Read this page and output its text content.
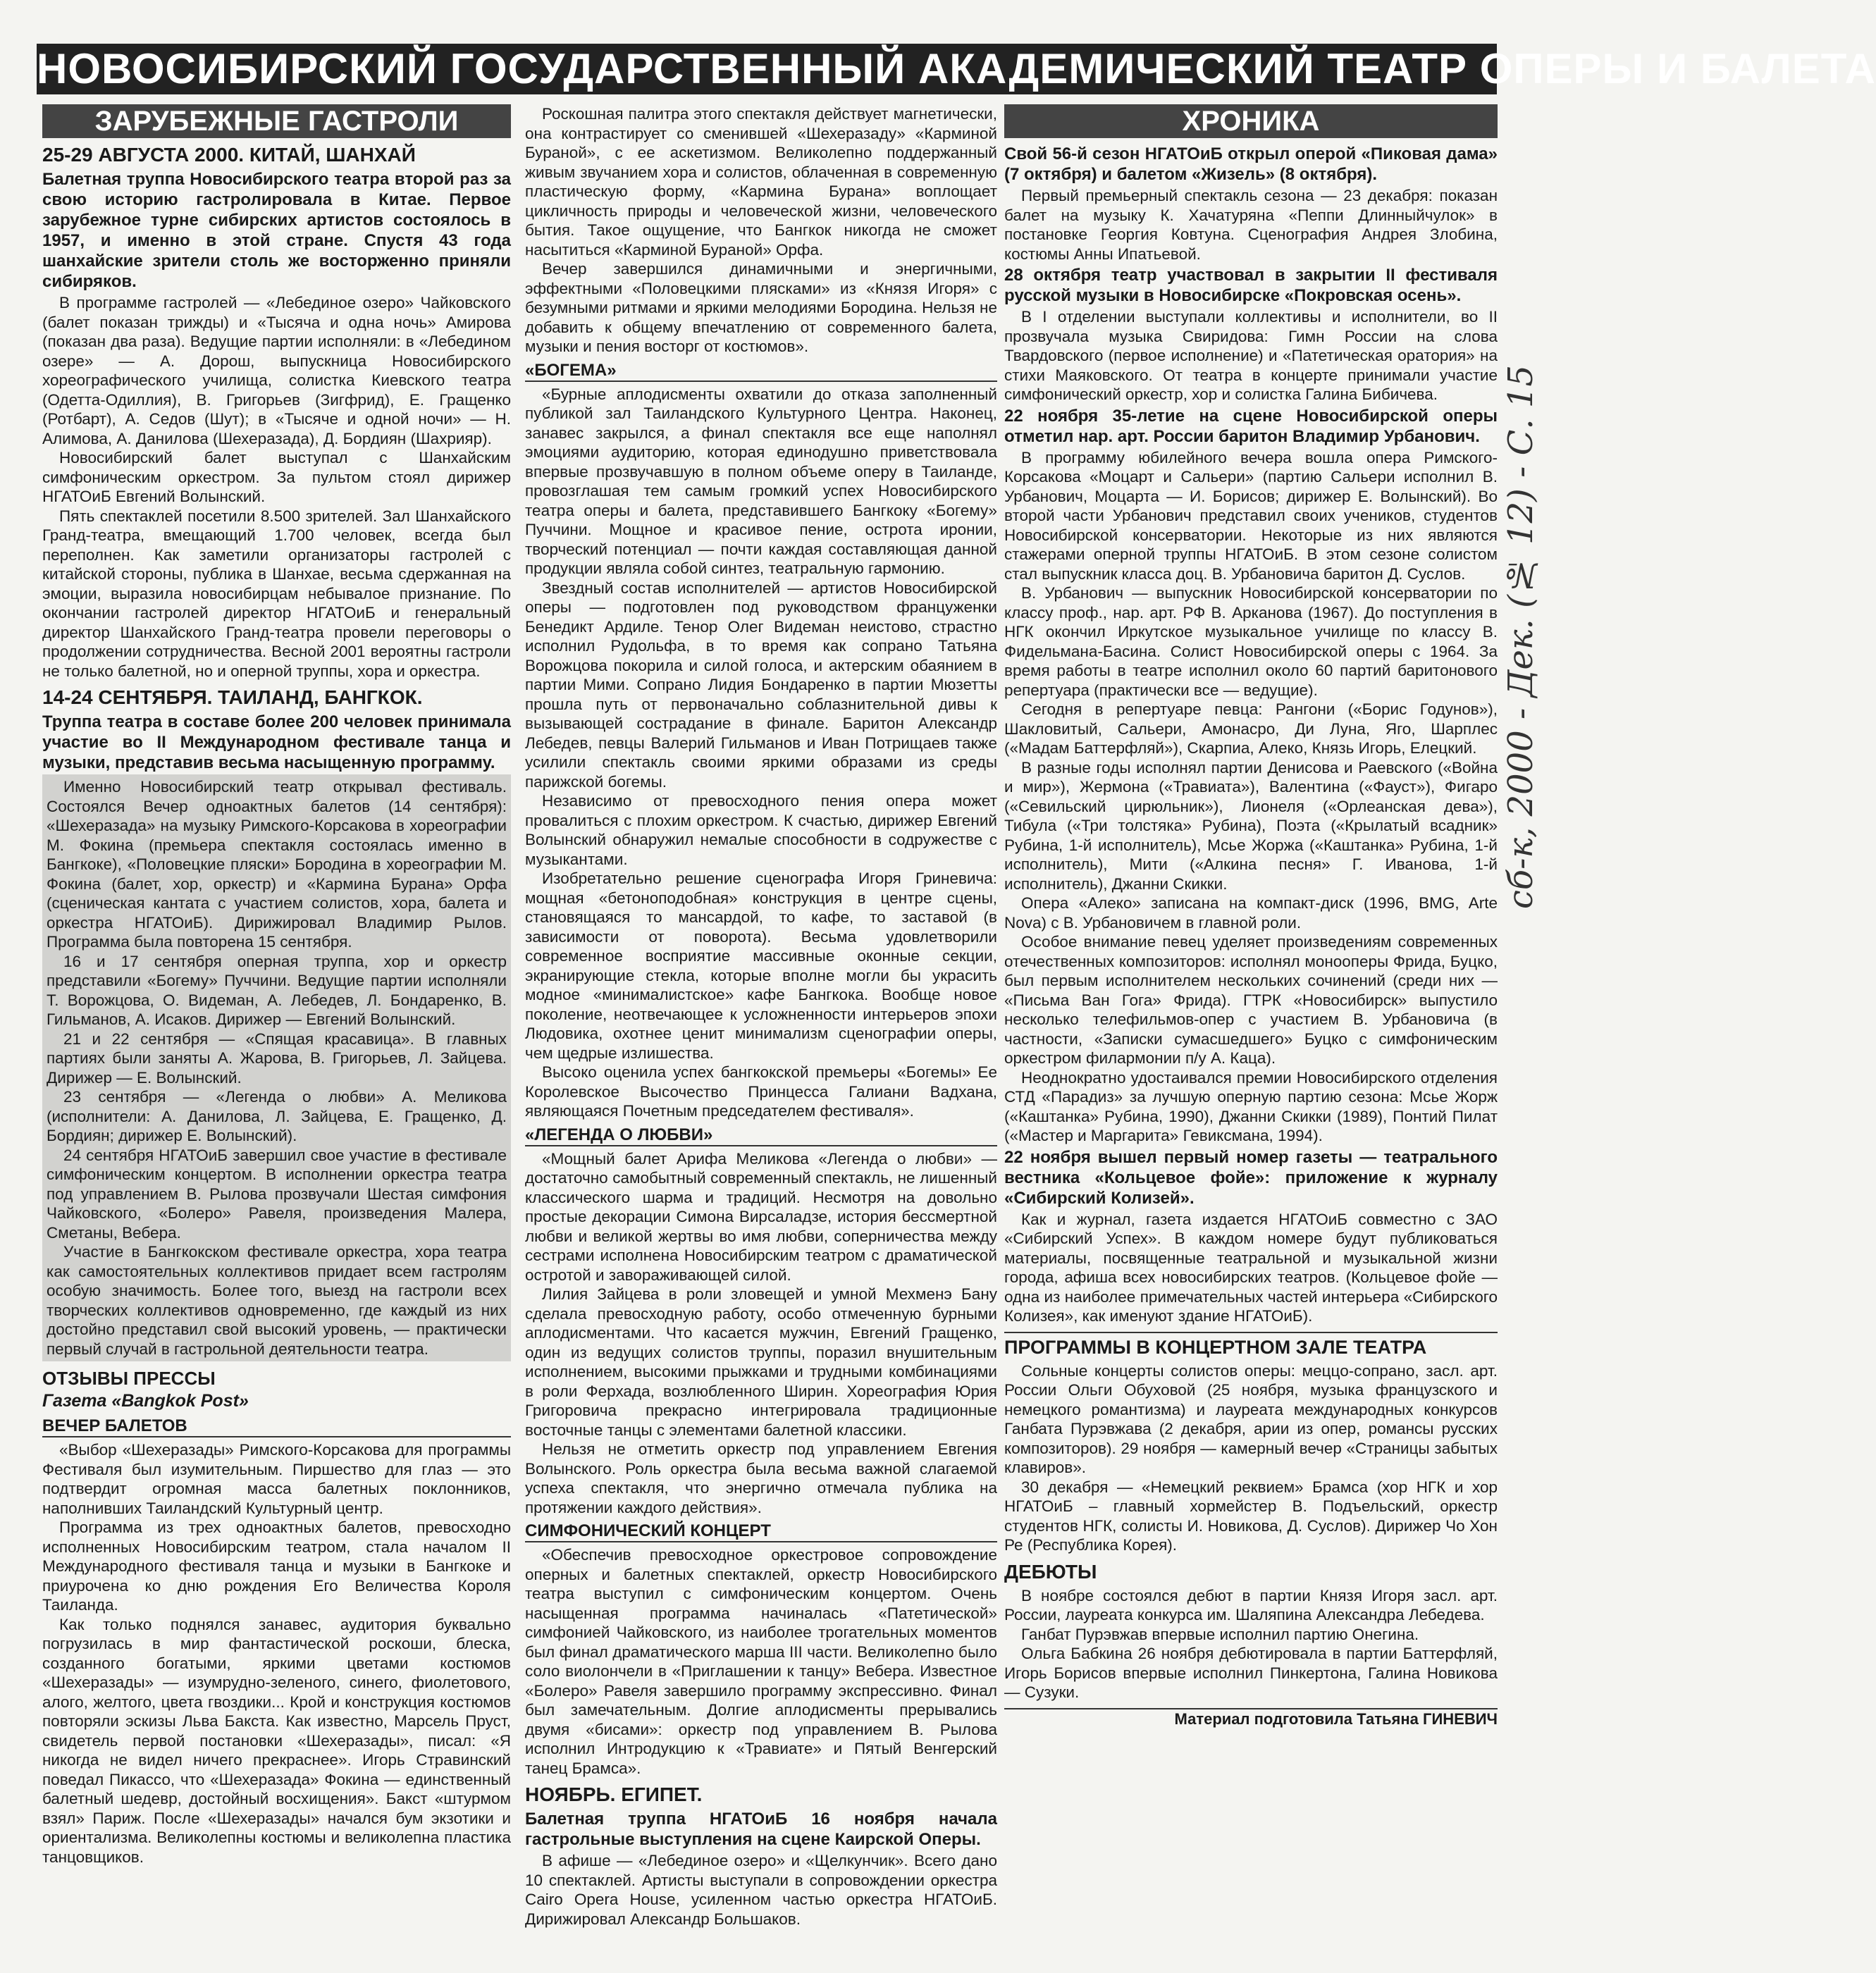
НОВОСИБИРСКИЙ ГОСУДАРСТВЕННЫЙ АКАДЕМИЧЕСКИЙ ТЕАТР ОПЕРЫ И БАЛЕТА
ЗАРУБЕЖНЫЕ ГАСТРОЛИ
25-29 АВГУСТА 2000. КИТАЙ, ШАНХАЙ
Балетная труппа Новосибирского театра второй раз за свою историю гастролировала в Китае. Первое зарубежное турне сибирских артистов состоялось в 1957, и именно в этой стране. Спустя 43 года шанхайские зрители столь же восторженно приняли сибиряков.

В программе гастролей — «Лебединое озеро» Чайковского (балет показан трижды) и «Тысяча и одна ночь» Амирова (показан два раза). Ведущие партии исполняли: в «Лебедином озере» — А. Дорош, выпускница Новосибирского хореографического училища, солистка Киевского театра (Одетта-Одиллия), В. Григорьев (Зигфрид), Е. Гращенко (Ротбарт), А. Седов (Шут); в «Тысяче и одной ночи» — Н. Алимова, А. Данилова (Шехеразада), Д. Бордиян (Шахрияр).

Новосибирский балет выступал с Шанхайским симфоническим оркестром. За пультом стоял дирижер НГАТОиБ Евгений Волынский.

Пять спектаклей посетили 8.500 зрителей. Зал Шанхайского Гранд-театра, вмещающий 1.700 человек, всегда был переполнен. Как заметили организаторы гастролей с китайской стороны, публика в Шанхае, весьма сдержанная на эмоции, выразила новосибирцам небывалое признание. По окончании гастролей директор НГАТОиБ и генеральный директор Шанхайского Гранд-театра провели переговоры о продолжении сотрудничества. Весной 2001 вероятны гастроли не только балетной, но и оперной труппы, хора и оркестра.

14-24 СЕНТЯБРЯ. ТАИЛАНД, БАНГКОК.
Труппа театра в составе более 200 человек принимала участие во II Международном фестивале танца и музыки, представив весьма насыщенную программу.

Именно Новосибирский театр открывал фестиваль. Состоялся Вечер одноактных балетов (14 сентября): «Шехеразада» на музыку Римского-Корсакова в хореографии М. Фокина (премьера спектакля состоялась именно в Бангкоке), «Половецкие пляски» Бородина в хореографии М. Фокина (балет, хор, оркестр) и «Кармина Бурана» Орфа (сценическая кантата с участием солистов, хора, балета и оркестра НГАТОиБ). Дирижировал Владимир Рылов. Программа была повторена 15 сентября.

16 и 17 сентября оперная труппа, хор и оркестр представили «Богему» Пуччини. Ведущие партии исполняли Т. Ворожцова, О. Видеман, А. Лебедев, Л. Бондаренко, В. Гильманов, А. Исаков. Дирижер — Евгений Волынский.

21 и 22 сентября — «Спящая красавица». В главных партиях были заняты А. Жарова, В. Григорьев, Л. Зайцева. Дирижер — Е. Волынский.

23 сентября — «Легенда о любви» А. Меликова (исполнители: А. Данилова, Л. Зайцева, Е. Гращенко, Д. Бордиян; дирижер Е. Волынский).

24 сентября НГАТОиБ завершил свое участие в фестивале симфоническим концертом. В исполнении оркестра театра под управлением В. Рылова прозвучали Шестая симфония Чайковского, «Болеро» Равеля, произведения Малера, Сметаны, Вебера.

Участие в Бангкокском фестивале оркестра, хора театра как самостоятельных коллективов придает всем гастролям особую значимость. Более того, выезд на гастроли всех творческих коллективов одновременно, где каждый из них достойно представил свой высокий уровень, — практически первый случай в гастрольной деятельности театра.

ОТЗЫВЫ ПРЕССЫ
Газета «Bangkok Post»
ВЕЧЕР БАЛЕТОВ

«Выбор «Шехеразады» Римского-Корсакова для программы Фестиваля был изумительным. Пиршество для глаз — это подтвердит огромная масса балетных поклонников, наполнивших Таиландский Культурный центр.

Программа из трех одноактных балетов, превосходно исполненных Новосибирским театром, стала началом II Международного фестиваля танца и музыки в Бангкоке и приурочена ко дню рождения Его Величества Короля Таиланда.

Как только поднялся занавес, аудитория буквально погрузилась в мир фантастической роскоши, блеска, созданного богатыми, яркими цветами костюмов «Шехеразады» — изумрудно-зеленого, синего, фиолетового, алого, желтого, цвета гвоздики... Крой и конструкция костюмов повторяли эскизы Льва Бакста. Как известно, Марсель Пруст, свидетель первой постановки «Шехеразады», писал: «Я никогда не видел ничего прекраснее». Игорь Стравинский поведал Пикассо, что «Шехеразада» Фокина — единственный балетный шедевр, достойный восхищения». Бакст «штурмом взял» Париж. После «Шехеразады» начался бум экзотики и ориентализма. Великолепны костюмы и великолепна пластика танцовщиков.

Роскошная палитра этого спектакля действует магнетически, она контрастирует со сменившей «Шехеразаду» «Карминой Бураной», с ее аскетизмом. Великолепно поддержанный живым звучанием хора и солистов, облаченная в современную пластическую форму, «Кармина Бурана» воплощает цикличность природы и человеческой жизни, человеческого бытия. Такое ощущение, что Бангкок никогда не сможет насытиться «Карминой Бураной» Орфа.

Вечер завершился динамичными и энергичными, эффектными «Половецкими плясками» из «Князя Игоря» с безумными ритмами и яркими мелодиями Бородина. Нельзя не добавить к общему впечатлению от современного балета, музыки и пения восторг от костюмов».

«БОГЕМА»

«Бурные аплодисменты охватили до отказа заполненный публикой зал Таиландского Культурного Центра. Наконец, занавес закрылся, а финал спектакля все еще наполнял эмоциями аудиторию, которая единодушно приветствовала впервые прозвучавшую в полном объеме оперу в Таиланде, провозглашая тем самым громкий успех Новосибирского театра оперы и балета, представившего Бангкоку «Богему» Пуччини. Мощное и красивое пение, острота иронии, творческий потенциал — почти каждая составляющая данной продукции являла собой синтез, театральную гармонию.

Звездный состав исполнителей — артистов Новосибирской оперы — подготовлен под руководством француженки Бенедикт Ардиле. Тенор Олег Видеман неистово, страстно исполнил Рудольфа, в то время как сопрано Татьяна Ворожцова покорила и силой голоса, и актерским обаянием в партии Мими. Сопрано Лидия Бондаренко в партии Мюзетты прошла путь от первоначально соблазнительной дивы к вызывающей сострадание в финале. Баритон Александр Лебедев, певцы Валерий Гильманов и Иван Потрищаев также усилили спектакль своими яркими образами из среды парижской богемы.

Независимо от превосходного пения опера может провалиться с плохим оркестром. К счастью, дирижер Евгений Волынский обнаружил немалые способности в содружестве с музыкантами.

Изобретательно решение сценографа Игоря Гриневича: мощная «бетоноподобная» конструкция в центре сцены, становящаяся то мансардой, то кафе, то заставой (в зависимости от поворота). Весьма удовлетворили современное восприятие массивные оконные секции, экранирующие стекла, которые вполне могли бы украсить модное «минималистское» кафе Бангкока. Вообще новое поколение, неотвечающее к усложненности интерьеров эпохи Людовика, охотнее ценит минимализм сценографии оперы, чем щедрые излишества.

Высоко оценила успех бангкокской премьеры «Богемы» Ее Королевское Высочество Принцесса Галиани Вадхана, являющаяся Почетным председателем фестиваля».

«ЛЕГЕНДА О ЛЮБВИ»

«Мощный балет Арифа Меликова «Легенда о любви» — достаточно самобытный современный спектакль, не лишенный классического шарма и традиций. Несмотря на довольно простые декорации Симона Вирсаладзе, история бессмертной любви и великой жертвы во имя любви, соперничества между сестрами исполнена Новосибирским театром с драматической остротой и завораживающей силой.

Лилия Зайцева в роли зловещей и умной Мехменэ Бану сделала превосходную работу, особо отмеченную бурными аплодисментами. Что касается мужчин, Евгений Гращенко, один из ведущих солистов труппы, поразил внушительным исполнением, высокими прыжками и трудными комбинациями в роли Ферхада, возлюбленного Ширин. Хореография Юрия Григоровича прекрасно интегрировала традиционные восточные танцы с элементами балетной классики.

Нельзя не отметить оркестр под управлением Евгения Волынского. Роль оркестра была весьма важной слагаемой успеха спектакля, что энергично отмечала публика на протяжении каждого действия».

СИМФОНИЧЕСКИЙ КОНЦЕРТ

«Обеспечив превосходное оркестровое сопровождение оперных и балетных спектаклей, оркестр Новосибирского театра выступил с симфоническим концертом. Очень насыщенная программа начиналась «Патетической» симфонией Чайковского, из наиболее трогательных моментов был финал драматического марша III части. Великолепно было соло виолончели в «Приглашении к танцу» Вебера. Известное «Болеро» Равеля завершило программу экспрессивно. Финал был замечательным. Долгие аплодисменты прерывались двумя «бисами»: оркестр под управлением В. Рылова исполнил Интродукцию к «Травиате» и Пятый Венгерский танец Брамса».

НОЯБРЬ. ЕГИПЕТ.
Балетная труппа НГАТОиБ 16 ноября начала гастрольные выступления на сцене Каирской Оперы.

В афише — «Лебединое озеро» и «Щелкунчик». Всего дано 10 спектаклей. Артисты выступали в сопровождении оркестра Cairo Opera House, усиленном частью оркестра НГАТОиБ. Дирижировал Александр Большаков.

ХРОНИКА
Свой 56-й сезон НГАТОиБ открыл оперой «Пиковая дама» (7 октября) и балетом «Жизель» (8 октября).

Первый премьерный спектакль сезона — 23 декабря: показан балет на музыку К. Хачатуряна «Пеппи Длинныйчулок» в постановке Георгия Ковтуна. Сценография Андрея Злобина, костюмы Анны Ипатьевой.

28 октября театр участвовал в закрытии II фестиваля русской музыки в Новосибирске «Покровская осень».

В I отделении выступали коллективы и исполнители, во II прозвучала музыка Свиридова: Гимн России на слова Твардовского (первое исполнение) и «Патетическая оратория» на стихи Маяковского. От театра в концерте принимали участие симфонический оркестр, хор и солистка Галина Бибичева.

22 ноября 35-летие на сцене Новосибирской оперы отметил нар. арт. России баритон Владимир Урбанович.

В программу юбилейного вечера вошла опера Римского-Корсакова «Моцарт и Сальери» (партию Сальери исполнил В. Урбанович, Моцарта — И. Борисов; дирижер Е. Волынский). Во второй части Урбанович представил своих учеников, студентов Новосибирской консерватории. Некоторые из них являются стажерами оперной труппы НГАТОиБ. В этом сезоне солистом стал выпускник класса доц. В. Урбановича баритон Д. Суслов.

В. Урбанович — выпускник Новосибирской консерватории по классу проф., нар. арт. РФ В. Арканова (1967). До поступления в НГК окончил Иркутское музыкальное училище по классу В. Фидельмана-Басина. Солист Новосибирской оперы с 1964. За время работы в театре исполнил около 60 партий баритонового репертуара (практически все — ведущие).

Сегодня в репертуаре певца: Рангони («Борис Годунов»), Шакловитый, Сальери, Амонасро, Ди Луна, Яго, Шарплес («Мадам Баттерфляй»), Скарпиа, Алеко, Князь Игорь, Елецкий.

В разные годы исполнял партии Денисова и Раевского («Война и мир»), Жермона («Травиата»), Валентина («Фауст»), Фигаро («Севильский цирюльник»), Лионеля («Орлеанская дева»), Тибула («Три толстяка» Рубина), Поэта («Крылатый всадник» Рубина, 1-й исполнитель), Мсье Жоржа («Каштанка» Рубина, 1-й исполнитель), Мити («Алкина песня» Г. Иванова, 1-й исполнитель), Джанни Скикки.

Опера «Алеко» записана на компакт-диск (1996, BMG, Arte Nova) с В. Урбановичем в главной роли.

Особое внимание певец уделяет произведениям современных отечественных композиторов: исполнял монооперы Фрида, Буцко, был первым исполнителем нескольких сочинений (среди них — «Письма Ван Гога» Фрида). ГТРК «Новосибирск» выпустило несколько телефильмов-опер с участием В. Урбановича (в частности, «Записки сумасшедшего» Буцко с симфоническим оркестром филармонии п/у А. Каца).

Неоднократно удостаивался премии Новосибирского отделения СТД «Парадиз» за лучшую оперную партию сезона: Мсье Жорж («Каштанка» Рубина, 1990), Джанни Скикки (1989), Понтий Пилат («Мастер и Маргарита» Гевиксмана, 1994).

22 ноября вышел первый номер газеты — театрального вестника «Кольцевое фойе»: приложение к журналу «Сибирский Колизей».

Как и журнал, газета издается НГАТОиБ совместно с ЗАО «Сибирский Успех». В каждом номере будут публиковаться материалы, посвященные театральной и музыкальной жизни города, афиша всех новосибирских театров. (Кольцевое фойе — одна из наиболее примечательных частей интерьера «Сибирского Колизея», как именуют здание НГАТОиБ).

ПРОГРАММЫ В КОНЦЕРТНОМ ЗАЛЕ ТЕАТРА

Сольные концерты солистов оперы: меццо-сопрано, засл. арт. России Ольги Обуховой (25 ноября, музыка французского и немецкого романтизма) и лауреата международных конкурсов Ганбата Пурэвжава (2 декабря, арии из опер, романсы русских композиторов). 29 ноября — камерный вечер «Страницы забытых клавиров».

30 декабря — «Немецкий реквием» Брамса (хор НГК и хор НГАТОиБ – главный хормейстер В. Подъельский, оркестр студентов НГК, солисты И. Новикова, Д. Суслов). Дирижер Чо Хон Ре (Республика Корея).

ДЕБЮТЫ

В ноябре состоялся дебют в партии Князя Игоря засл. арт. России, лауреата конкурса им. Шаляпина Александра Лебедева.

Ганбат Пурэвжав впервые исполнил партию Онегина.

Ольга Бабкина 26 ноября дебютировала в партии Баттерфляй, Игорь Борисов впервые исполнил Пинкертона, Галина Новикова — Сузуки.

Материал подготовила Татьяна ГИНЕВИЧ
сб-к, 2000 - Дек. (№ 12) - С. 15
